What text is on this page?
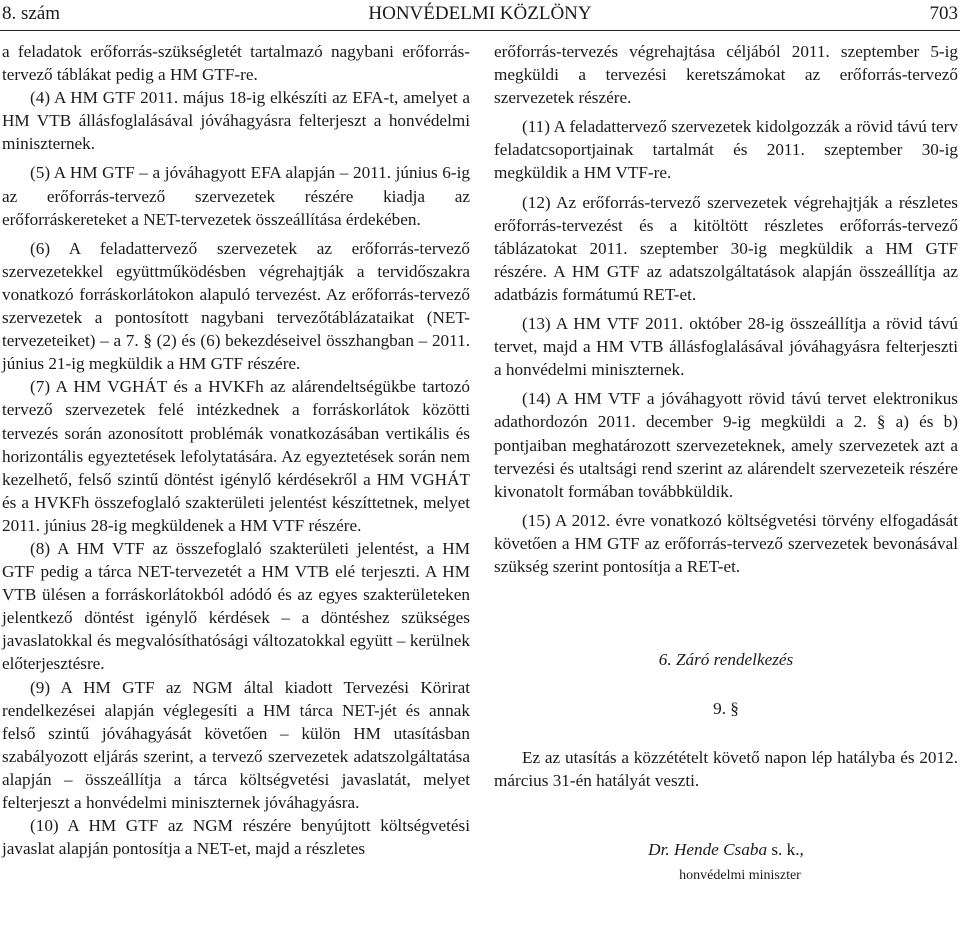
8. szám	HONVÉDELMI KÖZLÖNY	703

a feladatok erőforrás-szükségletét tartalmazó nagybani erőforrás-tervező táblákat pedig a HM GTF-re.

(4) A HM GTF 2011. május 18-ig elkészíti az EFA-t, amelyet a HM VTB állásfoglalásával jóváhagyásra felterjeszt a honvédelmi miniszternek.

(5) A HM GTF – a jóváhagyott EFA alapján – 2011. június 6-ig az erőforrás-tervező szervezetek részére kiadja az erőforráskereteket a NET-tervezetek összeállítása érdekében.

(6) A feladattervező szervezetek az erőforrás-tervező szervezetekkel együttműködésben végrehajtják a tervidőszakra vonatkozó forráskorlátokon alapuló tervezést. Az erőforrás-tervező szervezetek a pontosított nagybani tervezőtáblázataikat (NET-tervezeteiket) – a 7. § (2) és (6) bekezdéseivel összhangban – 2011. június 21-ig megküldik a HM GTF részére.

(7) A HM VGHÁT és a HVKFh az alárendeltségükbe tartozó tervező szervezetek felé intézkednek a forráskorlátok közötti tervezés során azonosított problémák vonatkozásában vertikális és horizontális egyeztetések lefolytatására. Az egyeztetések során nem kezelhető, felső szintű döntést igénylő kérdésekről a HM VGHÁT és a HVKFh összefoglaló szakterületi jelentést készíttetnek, melyet 2011. június 28-ig megküldenek a HM VTF részére.

(8) A HM VTF az összefoglaló szakterületi jelentést, a HM GTF pedig a tárca NET-tervezetét a HM VTB elé terjeszti. A HM VTB ülésen a forráskorlátokból adódó és az egyes szakterületeken jelentkező döntést igénylő kérdések – a döntéshez szükséges javaslatokkal és megvalósíthatósági változatokkal együtt – kerülnek előterjesztésre.

(9) A HM GTF az NGM által kiadott Tervezési Körirat rendelkezései alapján véglegesíti a HM tárca NET-jét és annak felső szintű jóváhagyását követően – külön HM utasításban szabályozott eljárás szerint, a tervező szervezetek adatszolgáltatása alapján – összeállítja a tárca költségvetési javaslatát, melyet felterjeszt a honvédelmi miniszternek jóváhagyásra.

(10) A HM GTF az NGM részére benyújtott költségvetési javaslat alapján pontosítja a NET-et, majd a részletes

erőforrás-tervezés végrehajtása céljából 2011. szeptember 5-ig megküldi a tervezési keretszámokat az erőforrás-tervező szervezetek részére.

(11) A feladattervező szervezetek kidolgozzák a rövid távú terv feladatcsoportjainak tartalmát és 2011. szeptember 30-ig megküldik a HM VTF-re.

(12) Az erőforrás-tervező szervezetek végrehajtják a részletes erőforrás-tervezést és a kitöltött részletes erőforrás-tervező táblázatokat 2011. szeptember 30-ig megküldik a HM GTF részére. A HM GTF az adatszolgáltatások alapján összeállítja az adatbázis formátumú RET-et.

(13) A HM VTF 2011. október 28-ig összeállítja a rövid távú tervet, majd a HM VTB állásfoglalásával jóváhagyásra felterjeszti a honvédelmi miniszternek.

(14) A HM VTF a jóváhagyott rövid távú tervet elektronikus adathordozón 2011. december 9-ig megküldi a 2. § a) és b) pontjaiban meghatározott szervezeteknek, amely szervezetek azt a tervezési és utaltsági rend szerint az alárendelt szervezeteik részére kivonatolt formában továbbküldik.

(15) A 2012. évre vonatkozó költségvetési törvény elfogadását követően a HM GTF az erőforrás-tervező szervezetek bevonásával szükség szerint pontosítja a RET-et.

6. Záró rendelkezés

9. §

Ez az utasítás a közzétételt követő napon lép hatályba és 2012. március 31-én hatályát veszti.

Dr. Hende Csaba s. k.,

honvédelmi miniszter
